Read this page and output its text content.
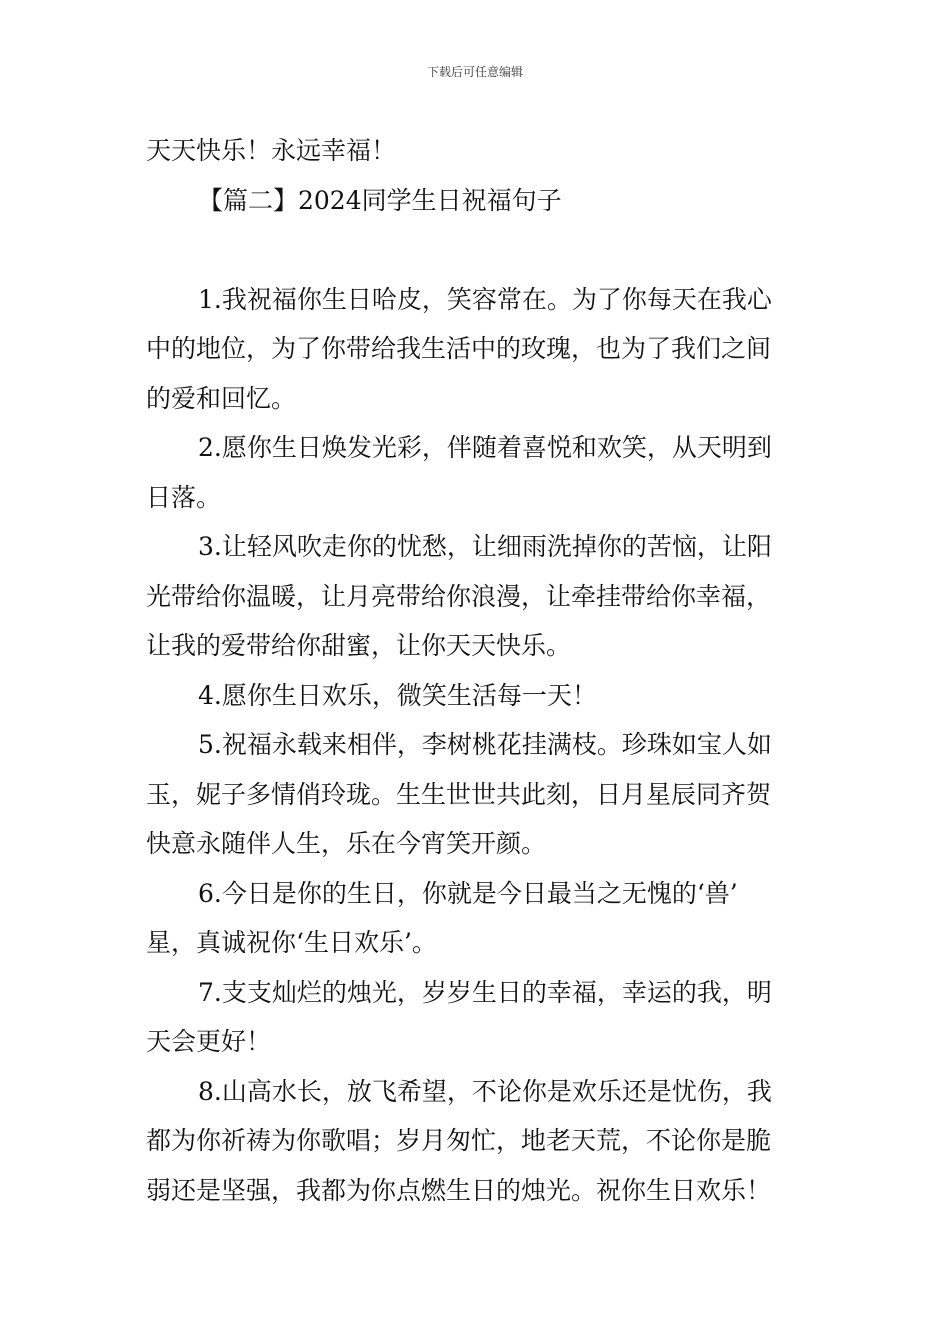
下载后可任意编辑
天天快乐！永远幸福！
【篇二】2024同学生日祝福句子
1.我祝福你生日哈皮，笑容常在。为了你每天在我心
中的地位，为了你带给我生活中的玫瑰，也为了我们之间
的爱和回忆。
2.愿你生日焕发光彩，伴随着喜悦和欢笑，从天明到
日落。
3.让轻风吹走你的忧愁，让细雨洗掉你的苦恼，让阳
光带给你温暖，让月亮带给你浪漫，让牵挂带给你幸福，
让我的爱带给你甜蜜，让你天天快乐。
4.愿你生日欢乐，微笑生活每一天！
5.祝福永载来相伴，李树桃花挂满枝。珍珠如宝人如
玉，妮子多情俏玲珑。生生世世共此刻，日月星辰同齐贺
快意永随伴人生，乐在今宵笑开颜。
6.今日是你的生日，你就是今日最当之无愧的‘兽’
星，真诚祝你‘生日欢乐’。
7.支支灿烂的烛光，岁岁生日的幸福，幸运的我，明
天会更好！
8.山高水长，放飞希望，不论你是欢乐还是忧伤，我
都为你祈祷为你歌唱；岁月匆忙，地老天荒，不论你是脆
弱还是坚强，我都为你点燃生日的烛光。祝你生日欢乐！
